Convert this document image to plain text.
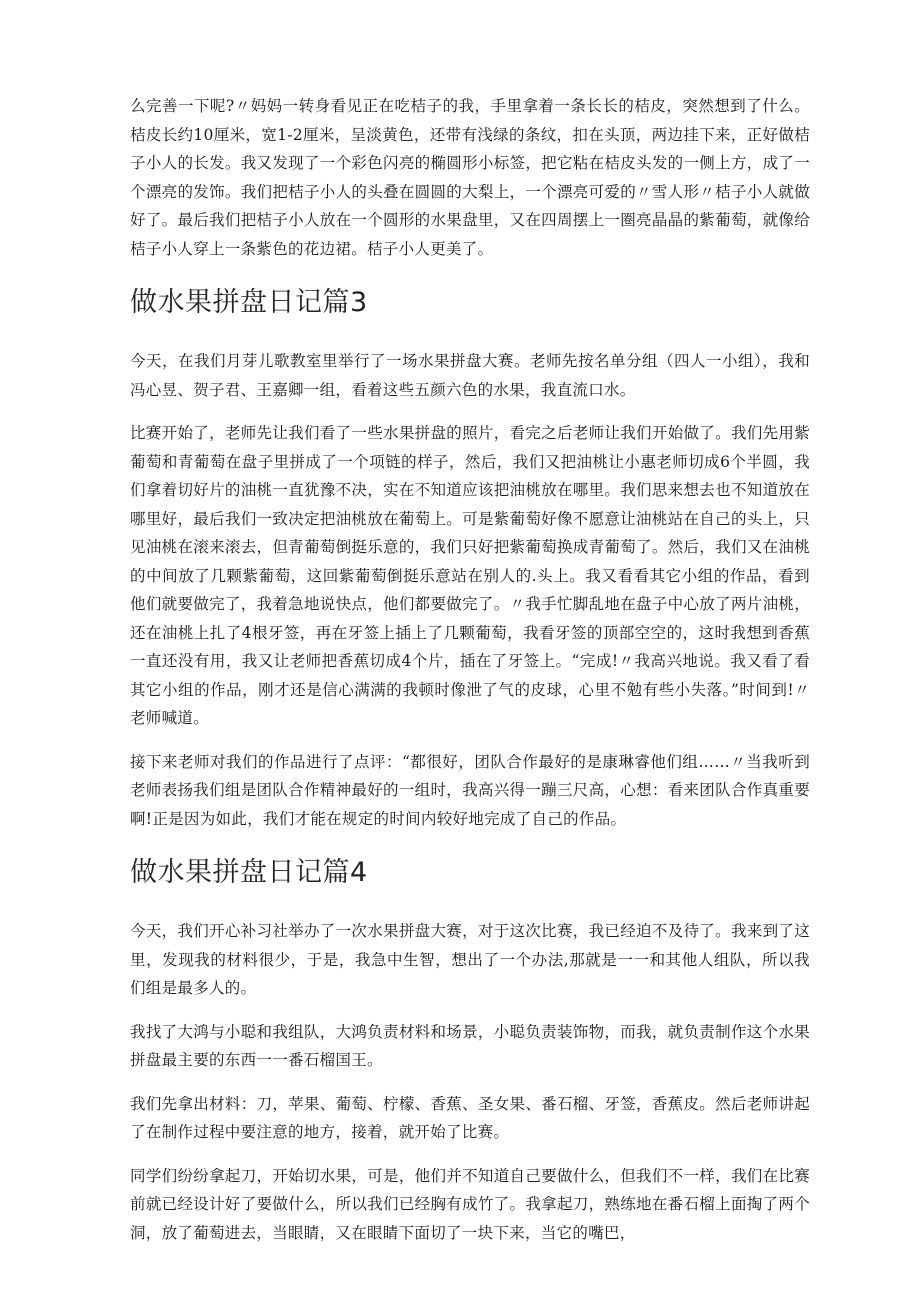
么完善一下呢?〃妈妈一转身看见正在吃桔子的我，手里拿着一条长长的桔皮，突然想到了什么。桔皮长约10厘米，宽1-2厘米，呈淡黄色，还带有浅绿的条纹，扣在头顶，两边挂下来，正好做桔子小人的长发。我又发现了一个彩色闪亮的椭圆形小标签，把它粘在桔皮头发的一侧上方，成了一个漂亮的发饰。我们把桔子小人的头叠在圆圆的大梨上，一个漂亮可爱的〃雪人形〃桔子小人就做好了。最后我们把桔子小人放在一个圆形的水果盘里，又在四周摆上一圈亮晶晶的紫葡萄，就像给桔子小人穿上一条紫色的花边裙。桔子小人更美了。

做水果拼盘日记篇3

今天，在我们月芽儿歌教室里举行了一场水果拼盘大赛。老师先按名单分组（四人一小组），我和冯心昱、贺子君、王嘉卿一组，看着这些五颜六色的水果，我直流口水。

比赛开始了，老师先让我们看了一些水果拼盘的照片，看完之后老师让我们开始做了。我们先用紫葡萄和青葡萄在盘子里拼成了一个项链的样子，然后，我们又把油桃让小惠老师切成6个半圆，我们拿着切好片的油桃一直犹豫不决，实在不知道应该把油桃放在哪里。我们思来想去也不知道放在哪里好，最后我们一致决定把油桃放在葡萄上。可是紫葡萄好像不愿意让油桃站在自己的头上，只见油桃在滚来滚去，但青葡萄倒挺乐意的，我们只好把紫葡萄换成青葡萄了。然后，我们又在油桃的中间放了几颗紫葡萄，这回紫葡萄倒挺乐意站在别人的.头上。我又看看其它小组的作品，看到他们就要做完了，我着急地说快点，他们都要做完了。〃我手忙脚乱地在盘子中心放了两片油桃，还在油桃上扎了4根牙签，再在牙签上插上了几颗葡萄，我看牙签的顶部空空的，这时我想到香蕉一直还没有用，我又让老师把香蕉切成4个片，插在了牙签上。“完成!〃我高兴地说。我又看了看其它小组的作品，刚才还是信心满满的我顿时像泄了气的皮球，心里不勉有些小失落。”时间到!〃老师喊道。

接下来老师对我们的作品进行了点评：“都很好，团队合作最好的是康琳睿他们组……〃当我听到老师表扬我们组是团队合作精神最好的一组时，我高兴得一蹦三尺高，心想：看来团队合作真重要啊!正是因为如此，我们才能在规定的时间内较好地完成了自己的作品。

做水果拼盘日记篇4

今天，我们开心补习社举办了一次水果拼盘大赛，对于这次比赛，我已经迫不及待了。我来到了这里，发现我的材料很少，于是，我急中生智，想出了一个办法,那就是一一和其他人组队，所以我们组是最多人的。

我找了大鸿与小聪和我组队，大鸿负责材料和场景，小聪负责装饰物，而我，就负责制作这个水果拼盘最主要的东西一一番石榴国王。

我们先拿出材料：刀，苹果、葡萄、柠檬、香蕉、圣女果、番石榴、牙签，香蕉皮。然后老师讲起了在制作过程中要注意的地方，接着，就开始了比赛。

同学们纷纷拿起刀，开始切水果，可是，他们并不知道自己要做什么，但我们不一样，我们在比赛前就已经设计好了要做什么，所以我们已经胸有成竹了。我拿起刀，熟练地在番石榴上面掏了两个洞，放了葡萄进去，当眼睛，又在眼睛下面切了一块下来，当它的嘴巴，
